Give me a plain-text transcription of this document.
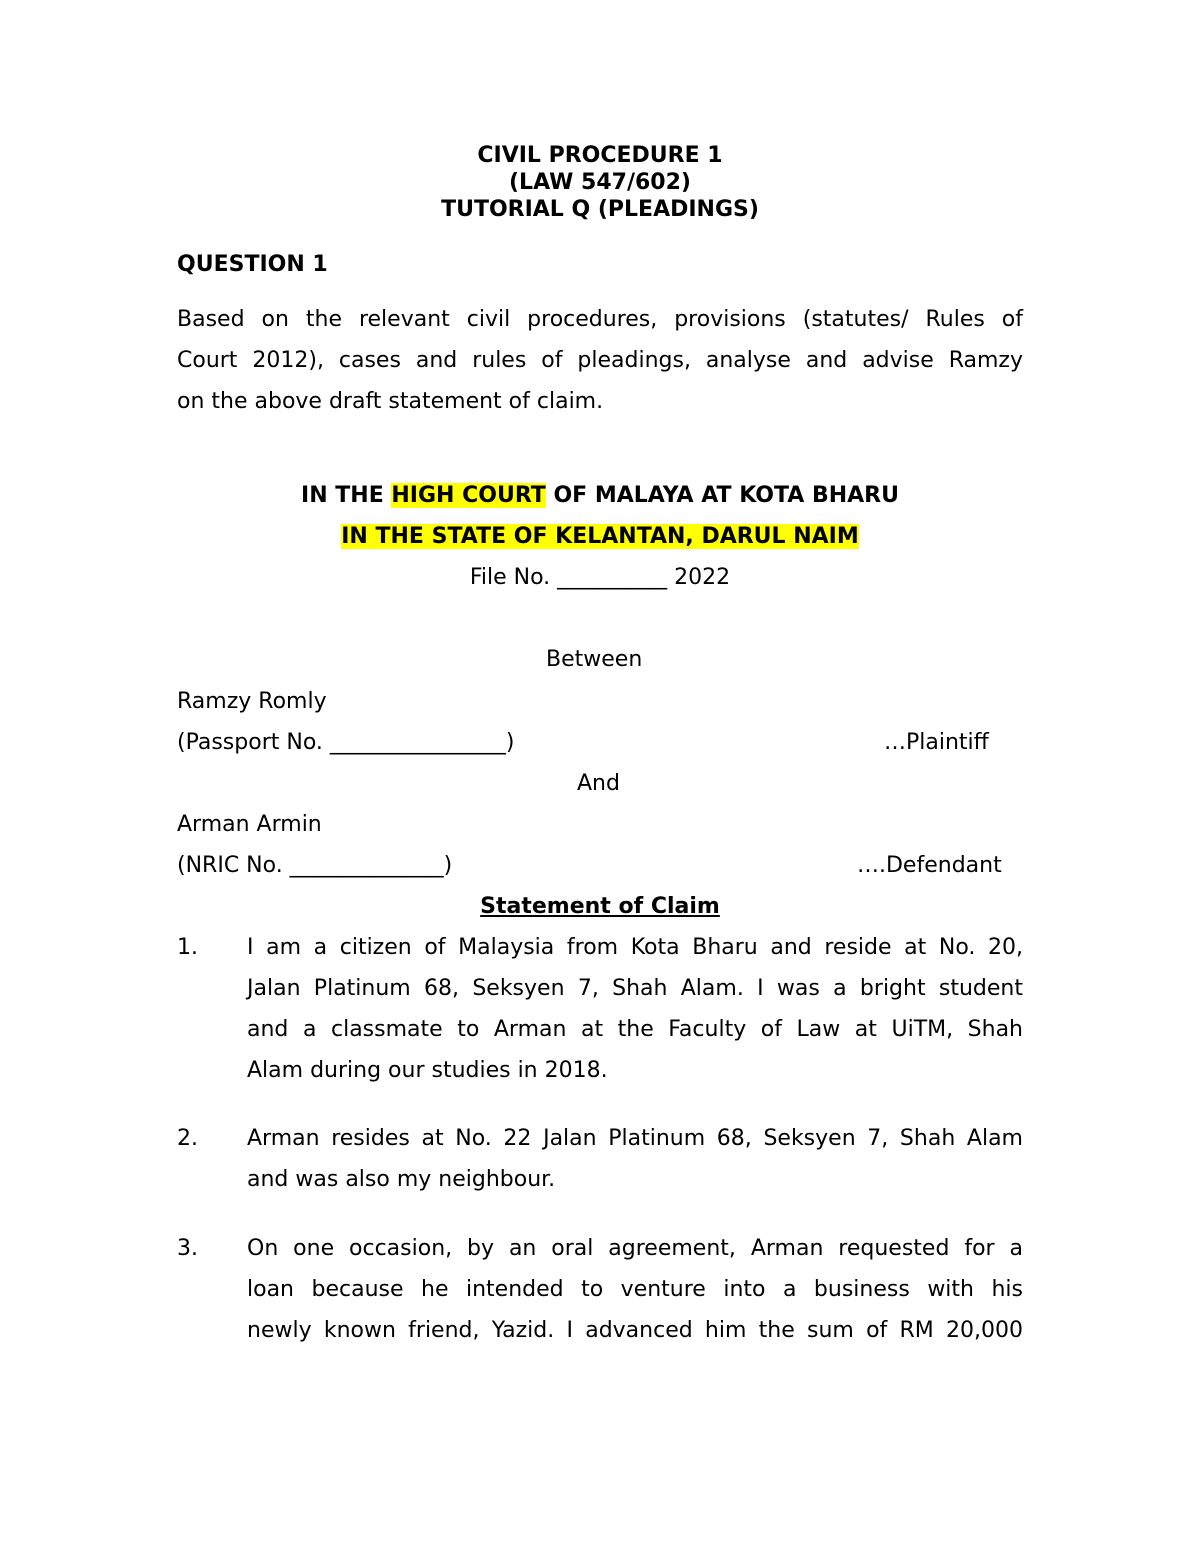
CIVIL PROCEDURE 1
(LAW 547/602)
TUTORIAL Q (PLEADINGS)
QUESTION 1
Based on the relevant civil procedures, provisions (statutes/ Rules of
Court 2012), cases and rules of pleadings, analyse and advise Ramzy
on the above draft statement of claim.
IN THE HIGH COURT OF MALAYA AT KOTA BHARU
IN THE STATE OF KELANTAN, DARUL NAIM
File No. __________ 2022
Between
Ramzy Romly
(Passport No. ________________)	…Plaintiff
And
Arman Armin
(NRIC No. ______________)	….Defendant
Statement of Claim
1. I am a citizen of Malaysia from Kota Bharu and reside at No. 20,
Jalan Platinum 68, Seksyen 7, Shah Alam. I was a bright student
and a classmate to Arman at the Faculty of Law at UiTM, Shah
Alam during our studies in 2018.
2. Arman resides at No. 22 Jalan Platinum 68, Seksyen 7, Shah Alam
and was also my neighbour.
3. On one occasion, by an oral agreement, Arman requested for a
loan because he intended to venture into a business with his
newly known friend, Yazid. I advanced him the sum of RM 20,000
